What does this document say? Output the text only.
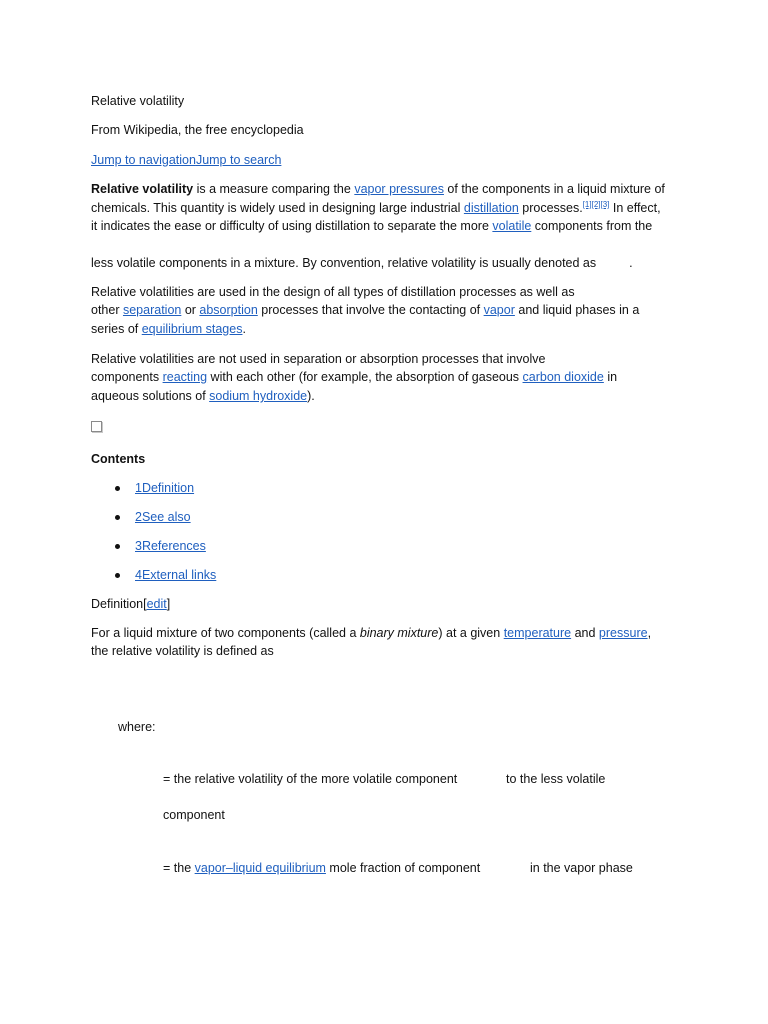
Relative volatility
From Wikipedia, the free encyclopedia
Jump to navigationJump to search
Relative volatility is a measure comparing the vapor pressures of the components in a liquid mixture of
chemicals. This quantity is widely used in designing large industrial distillation processes.[1][2][3] In effect,
it indicates the ease or difficulty of using distillation to separate the more volatile components from the
less volatile components in a mixture. By convention, relative volatility is usually denoted as	.
Relative volatilities are used in the design of all types of distillation processes as well as
other separation or absorption processes that involve the contacting of vapor and liquid phases in a
series of equilibrium stages.
Relative volatilities are not used in separation or absorption processes that involve
components reacting with each other (for example, the absorption of gaseous carbon dioxide in
aqueous solutions of sodium hydroxide).
Contents
1Definition
2See also
3References
4External links
Definition[edit]
For a liquid mixture of two components (called a binary mixture) at a given temperature and pressure,
the relative volatility is defined as
where:
= the relative volatility of the more volatile component	to the less volatile
component
= the vapor–liquid equilibrium mole fraction of component	in the vapor phase
